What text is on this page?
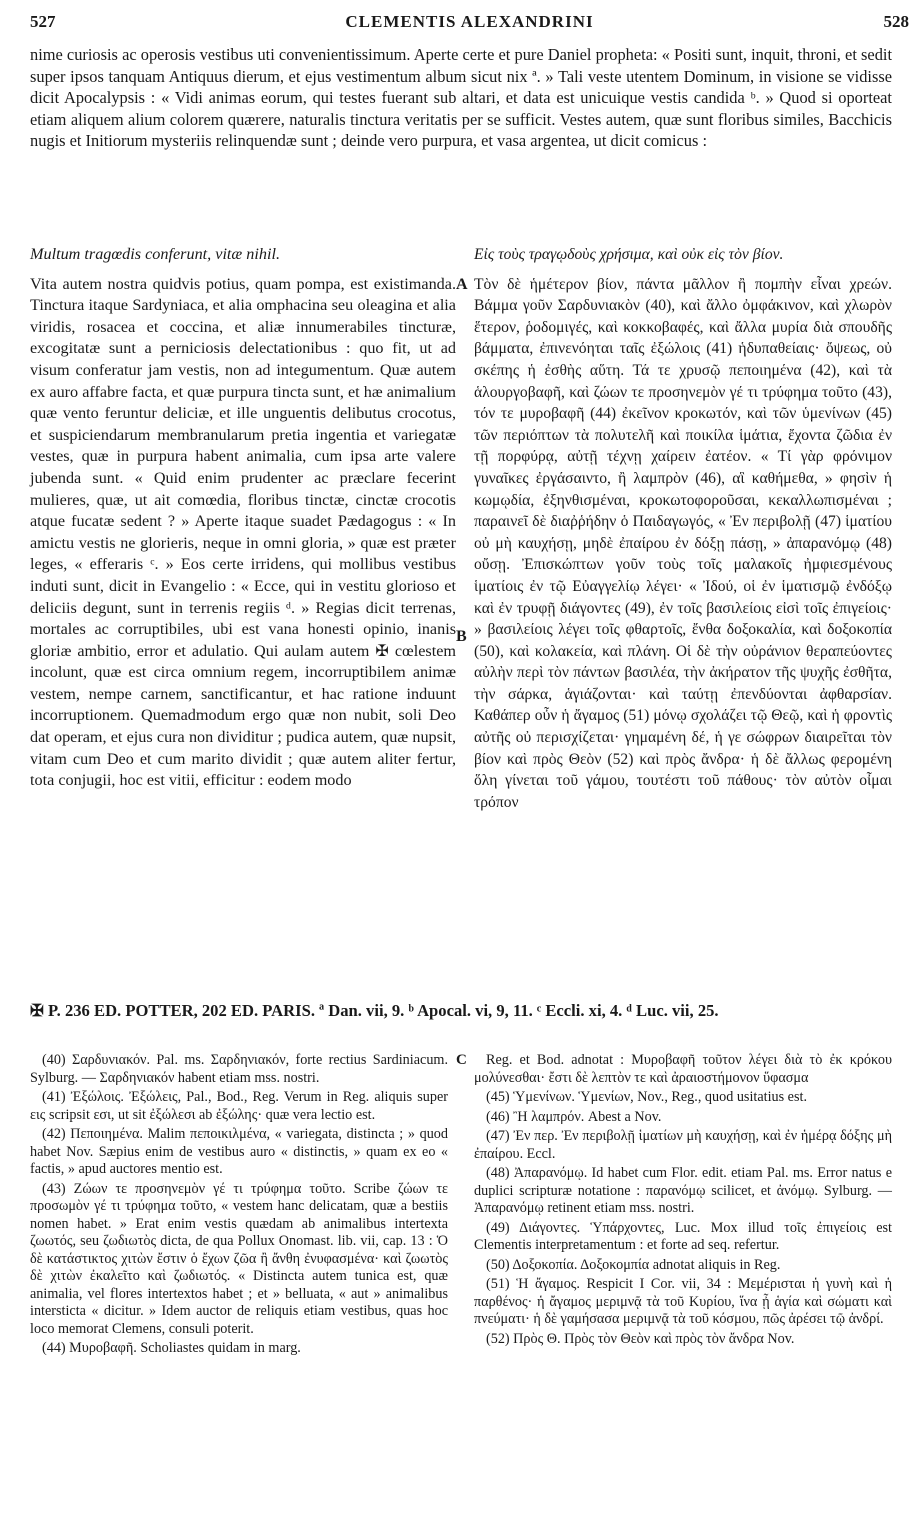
527	CLEMENTIS ALEXANDRINI	528

nime curiosis ac operosis vestibus uti convenientissimum. Aperte certe et pure Daniel propheta: « Positi sunt, inquit, throni, et sedit super ipsos tanquam Antiquus dierum, et ejus vestimentum album sicut nix ª. » Tali veste utentem Dominum, in visione se vidisse dicit Apocalypsis : « Vidi animas eorum, qui testes fuerant sub altari, et data est unicuique vestis candida ᵇ. » Quod si oporteat etiam aliquem alium colorem quærere, naturalis tinctura veritatis per se sufficit. Vestes autem, quæ sunt floribus similes, Bacchicis nugis et Initiorum mysteriis relinquendæ sunt ; deinde vero purpura, et vasa argentea, ut dicit comicus :

Multum tragœdis conferunt, vitæ nihil.

Vita autem nostra quidvis potius, quam pompa, est existimanda. Tinctura itaque Sardyniaca, et alia omphacina seu oleagina et alia viridis, rosacea et coccina, et aliæ innumerabiles tincturæ, excogitatæ sunt a perniciosis delectationibus : quo fit, ut ad visum conferatur jam vestis, non ad integumentum. Quæ autem ex auro affabre facta, et quæ purpura tincta sunt, et hæ animalium quæ vento feruntur deliciæ, et ille unguentis delibutus crocotus, et suspiciendarum membranularum pretia ingentia et variegatæ vestes, quæ in purpura habent animalia, cum ipsa arte valere jubenda sunt. « Quid enim prudenter ac præclare fecerint mulieres, quæ, ut ait comœdia, floribus tinctæ, cinctæ crocotis atque fucatæ sedent ? » Aperte itaque suadet Pædagogus : « In amictu vestis ne glorieris, neque in omni gloria, » quæ est præter leges, « efferaris ᶜ. » Eos certe irridens, qui mollibus vestibus induti sunt, dicit in Evangelio : « Ecce, qui in vestitu glorioso et deliciis degunt, sunt in terrenis regiis ᵈ. » Regias dicit terrenas, mortales ac corruptibiles, ubi est vana honesti opinio, inanis gloriæ ambitio, error et adulatio. Qui aulam autem ✠ cœlestem incolunt, quæ est circa omnium regem, incorruptibilem animæ vestem, nempe carnem, sanctificantur, et hac ratione induunt incorruptionem. Quemadmodum ergo quæ non nubit, soli Deo dat operam, et ejus cura non dividitur ; pudica autem, quæ nupsit, vitam cum Deo et cum marito dividit ; quæ autem aliter fertur, tota conjugii, hoc est vitii, efficitur : eodem modo

A
B

Εἰς τοὺς τραγῳδοὺς χρήσιμα, καὶ οὐκ εἰς τὸν βίον.

Τὸν δὲ ἡμέτερον βίον, πάντα μᾶλλον ἢ πομπὴν εἶναι χρεών. Βάμμα γοῦν Σαρδυνιακὸν (40), καὶ ἄλλο ὀμφάκινον, καὶ χλωρὸν ἕτερον, ῥοδομιγές, καὶ κοκκοβαφές, καὶ ἄλλα μυρία διὰ σπουδῆς βάμματα, ἐπινενόηται ταῖς ἐξώλοις (41) ἡδυπαθείαις· ὄψεως, οὐ σκέπης ἡ ἐσθὴς αὕτη. Τά τε χρυσῷ πεποιημένα (42), καὶ τὰ ἁλουργοβαφῆ, καὶ ζώων τε προσηνεμὸν γέ τι τρύφημα τοῦτο (43), τόν τε μυροβαφῆ (44) ἐκεῖνον κροκωτόν, καὶ τῶν ὑμενίνων (45) τῶν περιόπτων τὰ πολυτελῆ καὶ ποικίλα ἱμάτια, ἔχοντα ζῶδια ἐν τῇ πορφύρᾳ, αὐτῇ τέχνῃ χαίρειν ἐατέον. « Τί γὰρ φρόνιμον γυναῖκες ἐργάσαιντο, ἢ λαμπρὸν (46), αἳ καθήμεθα, » φησὶν ἡ κωμῳδία, ἐξηνθισμέναι, κροκωτοφοροῦσαι, κεκαλλωπισμέναι ; παραινεῖ δὲ διαῤῥήδην ὁ Παιδαγωγός, « Ἐν περιβολῇ (47) ἱματίου οὐ μὴ καυχήσῃ, μηδὲ ἐπαίρου ἐν δόξῃ πάσῃ, » ἀπαρανόμῳ (48) οὔσῃ. Ἐπισκώπτων γοῦν τοὺς τοῖς μαλακοῖς ἠμφιεσμένους ἱματίοις ἐν τῷ Εὐαγγελίῳ λέγει· « Ἰδού, οἱ ἐν ἱματισμῷ ἐνδόξῳ καὶ ἐν τρυφῇ διάγοντες (49), ἐν τοῖς βασιλείοις εἰσὶ τοῖς ἐπιγείοις· » βασιλείοις λέγει τοῖς φθαρτοῖς, ἔνθα δοξοκαλία, καὶ δοξοκοπία (50), καὶ κολακεία, καὶ πλάνη. Οἱ δὲ τὴν οὐράνιον θεραπεύοντες αὐλὴν περὶ τὸν πάντων βασιλέα, τὴν ἀκήρατον τῆς ψυχῆς ἐσθῆτα, τὴν σάρκα, ἁγιάζονται· καὶ ταύτῃ ἐπενδύονται ἀφθαρσίαν. Καθάπερ οὖν ἡ ἄγαμος (51) μόνῳ σχολάζει τῷ Θεῷ, καὶ ἡ φροντὶς αὐτῆς οὐ περισχίζεται· γημαμένη δέ, ἡ γε σώφρων διαιρεῖται τὸν βίον καὶ πρὸς Θεὸν (52) καὶ πρὸς ἄνδρα· ἡ δὲ ἄλλως φερομένη ὅλη γίνεται τοῦ γάμου, τουτέστι τοῦ πάθους· τὸν αὐτὸν οἶμαι τρόπον

✠ P. 236 ED. POTTER, 202 ED. PARIS. ª Dan. vii, 9. ᵇ Apocal. vi, 9, 11. ᶜ Eccli. xi, 4. ᵈ Luc. vii, 25.

(40) Σαρδυνιακόν. Pal. ms. Σαρδηνιακόν, forte rectius Sardiniacum. Sylburg. — Σαρδηνιακόν habent etiam mss. nostri.

(41) Ἐξώλοις. Ἐξώλεις, Pal., Bod., Reg. Verum in Reg. aliquis super εις scripsit εσι, ut sit ἐξώλεσι ab ἐξώλης· quæ vera lectio est.

(42) Πεποιημένα. Malim πεποικιλμένα, « variegata, distincta ; » quod habet Nov. Sæpius enim de vestibus auro « distinctis, » quam ex eo « factis, » apud auctores mentio est.

(43) Ζώων τε προσηνεμὸν γέ τι τρύφημα τοῦτο. Scribe ζώων τε προσωμὸν γέ τι τρύφημα τοῦτο, « vestem hanc delicatam, quæ a bestiis nomen habet. » Erat enim vestis quædam ab animalibus intertexta ζωωτός, seu ζωδιωτὸς dicta, de qua Pollux Onomast. lib. vii, cap. 13 : Ὁ δὲ κατάστικτος χιτὼν ἔστιν ὁ ἔχων ζῶα ἢ ἄνθη ἐνυφασμένα· καὶ ζωωτὸς δὲ χιτὼν ἐκαλεῖτο καὶ ζωδιωτός. « Distincta autem tunica est, quæ animalia, vel flores intertextos habet ; et » belluata, « aut » animalibus intersticta « dicitur. » Idem auctor de reliquis etiam vestibus, quas hoc loco memorat Clemens, consuli poterit.

(44) Μυροβαφῆ. Scholiastes quidam in marg.

C	Reg. et Bod. adnotat : Μυροβαφῆ τοῦτον λέγει διὰ τὸ ἐκ κρόκου μολύνεσθαι· ἔστι δὲ λεπτὸν τε καὶ ἀραιοστήμονον ὕφασμα

(45) Ὑμενίνων. Ὑμενίων, Nov., Reg., quod usitatius est.

(46) Ἢ λαμπρόν. Abest a Nov.

(47) Ἐν περ. Ἐν περιβολῇ ἱματίων μὴ καυχήσῃ, καὶ ἐν ἡμέρᾳ δόξης μὴ ἐπαίρου. Eccl.

(48) Ἀπαρανόμῳ. Id habet cum Flor. edit. etiam Pal. ms. Error natus e duplici scripturæ notatione : παρανόμῳ scilicet, et ἀνόμῳ. Sylburg. — Ἀπαρανόμῳ retinent etiam mss. nostri.

(49) Διάγοντες. Ὑπάρχοντες, Luc. Mox illud τοῖς ἐπιγείοις est Clementis interpretamentum : et forte ad seq. refertur.

(50) Δοξοκοπία. Δοξοκομπία adnotat aliquis in Reg.

(51) Ἡ ἄγαμος. Respicit I Cor. vii, 34 : Μεμέρισται ἡ γυνὴ καὶ ἡ παρθένος· ἡ ἄγαμος μεριμνᾷ τὰ τοῦ Κυρίου, ἵνα ᾖ ἁγία καὶ σώματι καὶ πνεύματι· ἡ δὲ γαμήσασα μεριμνᾷ τὰ τοῦ κόσμου, πῶς ἀρέσει τῷ ἀνδρί.

(52) Πρὸς Θ. Πρὸς τὸν Θεὸν καὶ πρὸς τὸν ἄνδρα Nov.
